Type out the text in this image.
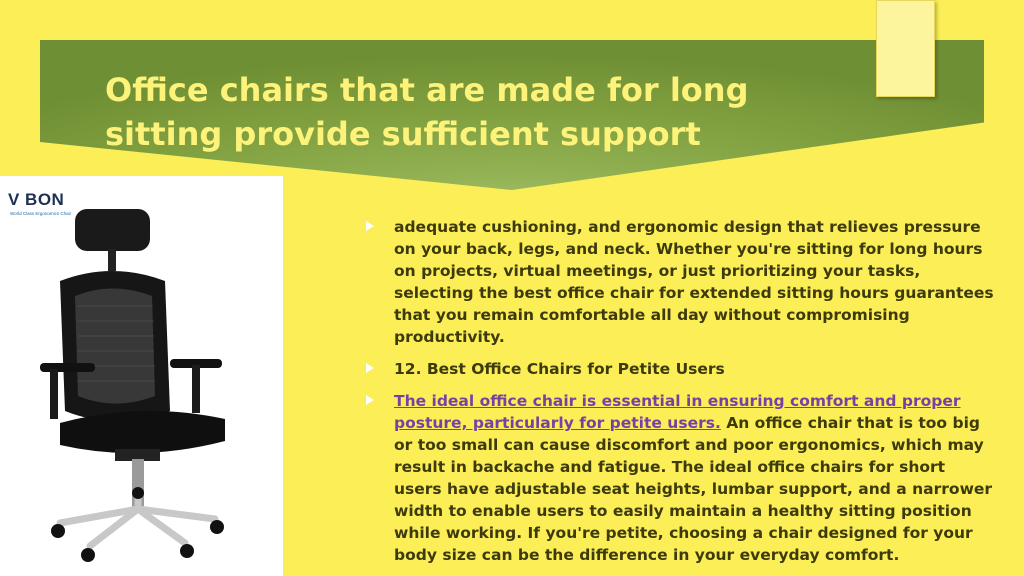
Office chairs that are made for long
sitting provide sufficient support
V BON
World Class Ergonomics Chair
adequate cushioning, and ergonomic design that relieves pressure on your back, legs, and neck. Whether you're sitting for long hours on projects, virtual meetings, or just prioritizing your tasks, selecting the best office chair for extended sitting hours guarantees that you remain comfortable all day without compromising productivity.
12. Best Office Chairs for Petite Users
The ideal office chair is essential in ensuring comfort and proper posture, particularly for petite users. An office chair that is too big or too small can cause discomfort and poor ergonomics, which may result in backache and fatigue. The ideal office chairs for short users have adjustable seat heights, lumbar support, and a narrower width to enable users to easily maintain a healthy sitting position while working. If you're petite, choosing a chair designed for your body size can be the difference in your everyday comfort.
